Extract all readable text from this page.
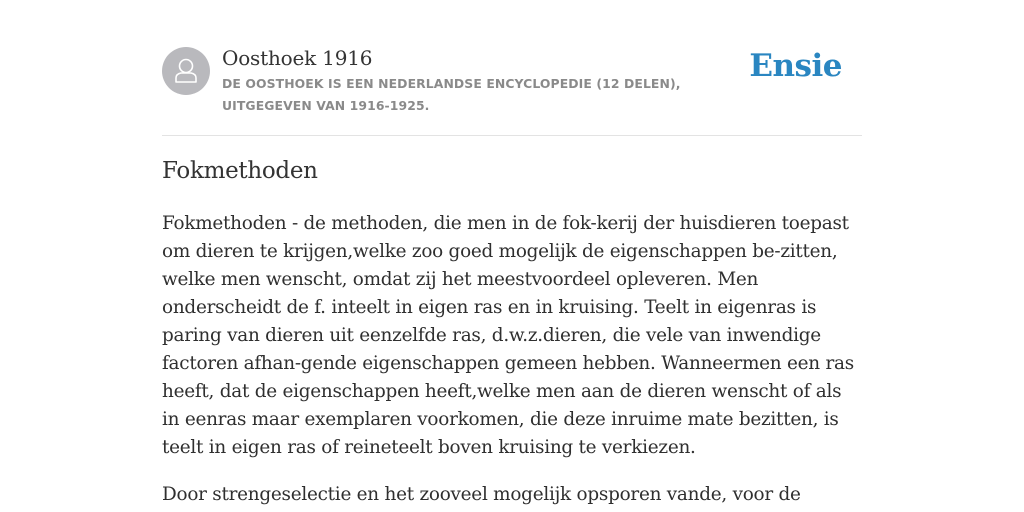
Oosthoek 1916

DE OOSTHOEK IS EEN NEDERLANDSE ENCYCLOPEDIE (12 DELEN), UITGEGEVEN VAN 1916-1925.

Ensie
Fokmethoden

Fokmethoden - de methoden, die men in de fok-kerij der huisdieren toepast om dieren te krijgen,welke zoo goed mogelijk de eigenschappen be-zitten, welke men wenscht, omdat zij het meestvoordeel opleveren. Men onderscheidt de f. inteelt in eigen ras en in kruising. Teelt in eigenras is paring van dieren uit eenzelfde ras, d.w.z.dieren, die vele van inwendige factoren afhan-gende eigenschappen gemeen hebben. Wanneermen een ras heeft, dat de eigenschappen heeft,welke men aan de dieren wenscht of als in eenras maar exemplaren voorkomen, die deze inruime mate bezitten, is teelt in eigen ras of reineteelt boven kruising te verkiezen.

Door strengeselectie en het zooveel mogelijk opsporen vande, voor de
